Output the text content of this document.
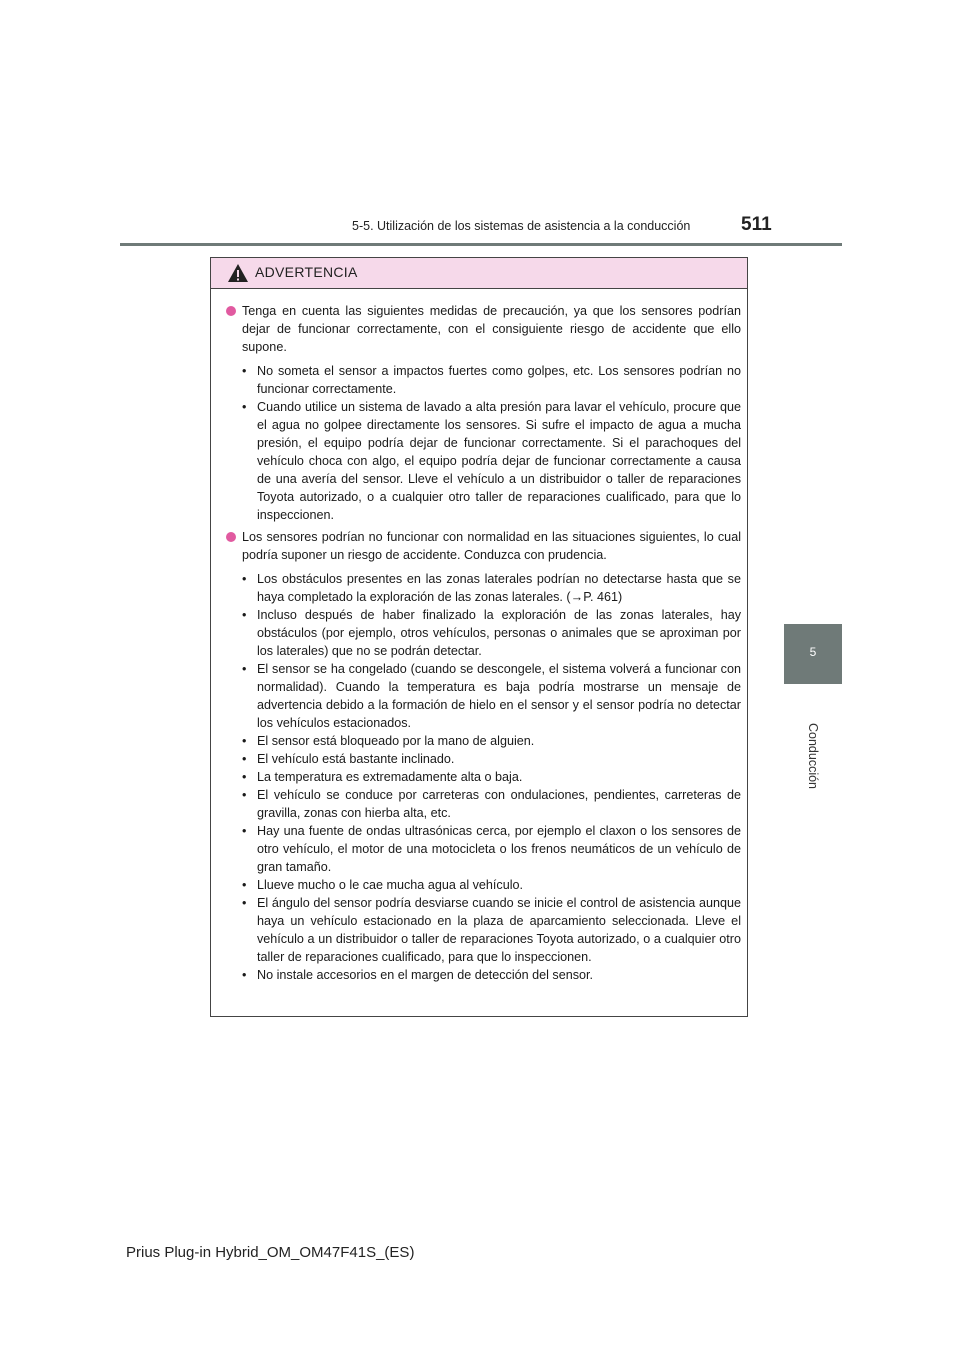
5-5. Utilización de los sistemas de asistencia a la conducción	511
5
Conducción
ADVERTENCIA
Tenga en cuenta las siguientes medidas de precaución, ya que los sensores podrían dejar de funcionar correctamente, con el consiguiente riesgo de accidente que ello supone.
• No someta el sensor a impactos fuertes como golpes, etc. Los sensores podrían no funcionar correctamente.
• Cuando utilice un sistema de lavado a alta presión para lavar el vehículo, procure que el agua no golpee directamente los sensores. Si sufre el impacto de agua a mucha presión, el equipo podría dejar de funcionar correctamente. Si el parachoques del vehículo choca con algo, el equipo podría dejar de funcionar correctamente a causa de una avería del sensor. Lleve el vehículo a un distribuidor o taller de reparaciones Toyota autorizado, o a cualquier otro taller de reparaciones cualificado, para que lo inspeccionen.
Los sensores podrían no funcionar con normalidad en las situaciones siguientes, lo cual podría suponer un riesgo de accidente. Conduzca con prudencia.
• Los obstáculos presentes en las zonas laterales podrían no detectarse hasta que se haya completado la exploración de las zonas laterales. (→P. 461)
• Incluso después de haber finalizado la exploración de las zonas laterales, hay obstáculos (por ejemplo, otros vehículos, personas o animales que se aproximan por los laterales) que no se podrán detectar.
• El sensor se ha congelado (cuando se descongele, el sistema volverá a funcionar con normalidad). Cuando la temperatura es baja podría mostrarse un mensaje de advertencia debido a la formación de hielo en el sensor y el sensor podría no detectar los vehículos estacionados.
• El sensor está bloqueado por la mano de alguien.
• El vehículo está bastante inclinado.
• La temperatura es extremadamente alta o baja.
• El vehículo se conduce por carreteras con ondulaciones, pendientes, carreteras de gravilla, zonas con hierba alta, etc.
• Hay una fuente de ondas ultrasónicas cerca, por ejemplo el claxon o los sensores de otro vehículo, el motor de una motocicleta o los frenos neumáticos de un vehículo de gran tamaño.
• Llueve mucho o le cae mucha agua al vehículo.
• El ángulo del sensor podría desviarse cuando se inicie el control de asistencia aunque haya un vehículo estacionado en la plaza de aparcamiento seleccionada. Lleve el vehículo a un distribuidor o taller de reparaciones Toyota autorizado, o a cualquier otro taller de reparaciones cualificado, para que lo inspeccionen.
• No instale accesorios en el margen de detección del sensor.
Prius Plug-in Hybrid_OM_OM47F41S_(ES)
